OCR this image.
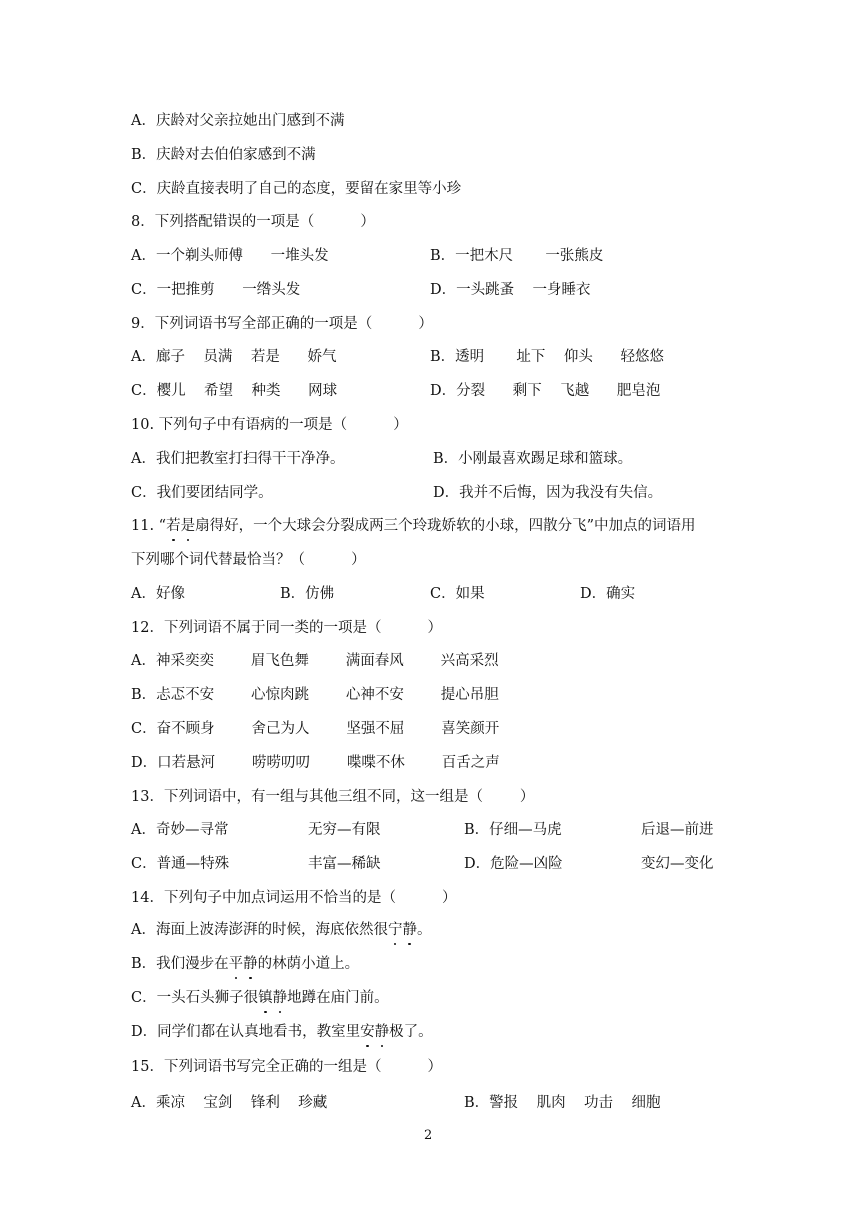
A．庆龄对父亲拉她出门感到不满
B．庆龄对去伯伯家感到不满
C．庆龄直接表明了自己的态度，要留在家里等小珍
8．下列搭配错误的一项是（          ）
A．一个剃头师傅      一堆头发	B．一把木尺       一张熊皮
C．一把推剪      一绺头发	D．一头跳蚤    一身睡衣
9．下列词语书写全部正确的一项是（          ）
A．廊子    员满    若是      娇气	B．透明       址下    仰头      轻悠悠
C．樱儿    希望    种类      网球	D．分裂      剩下    飞越      肥皂泡
10. 下列句子中有语病的一项是（          ）
A．我们把教室打扫得干干净净。	B．小刚最喜欢踢足球和篮球。
C．我们要团结同学。	D．我并不后悔，因为我没有失信。
11. “若是扇得好，一个大球会分裂成两三个玲珑娇软的小球，四散分飞”中加点的词语用
下列哪个词代替最恰当？（          ）
A．好像	B．仿佛	C．如果	D．确实
12．下列词语不属于同一类的一项是（          ）
A．神采奕奕        眉飞色舞        满面春风        兴高采烈
B．忐忑不安        心惊肉跳        心神不安        提心吊胆
C．奋不顾身        舍己为人        坚强不屈        喜笑颜开
D．口若悬河        唠唠叨叨        喋喋不休        百舌之声
13．下列词语中，有一组与其他三组不同，这一组是（        ）
A．奇妙—寻常	无穷—有限	B．仔细—马虎	后退—前进
C．普通—特殊	丰富—稀缺	D．危险—凶险	变幻—变化
14．下列句子中加点词运用不恰当的是（          ）
A．海面上波涛澎湃的时候，海底依然很宁静。
B．我们漫步在平静的林荫小道上。
C．一头石头狮子很镇静地蹲在庙门前。
D．同学们都在认真地看书，教室里安静极了。
15．下列词语书写完全正确的一组是（          ）
A．乘凉    宝剑    锋利    珍藏	B．警报    肌肉    功击    细胞
2
